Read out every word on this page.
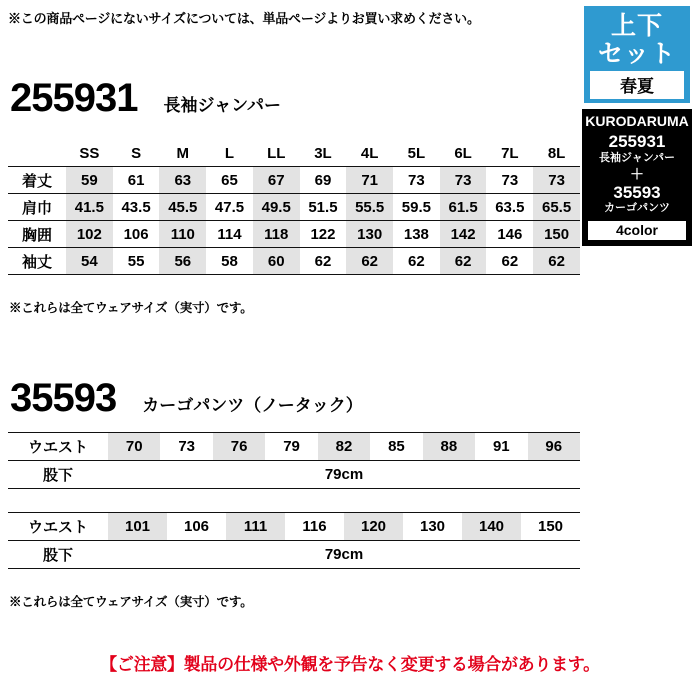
※この商品ページにないサイズについては、単品ページよりお買い求めください。	上下
セット
春夏
KURODARUMA
255931
長袖ジャンパー
＋
35593
カーゴパンツ
4color
255931 長袖ジャンパー
	SS	S	M	L	LL	3L	4L	5L	6L	7L	8L
着丈	59	61	63	65	67	69	71	73	73	73	73
肩巾	41.5	43.5	45.5	47.5	49.5	51.5	55.5	59.5	61.5	63.5	65.5
胸囲	102	106	110	114	118	122	130	138	142	146	150
袖丈	54	55	56	58	60	62	62	62	62	62	62
※これらは全てウェアサイズ（実寸）です。
35593 カーゴパンツ（ノータック）
ウエスト	70	73	76	79	82	85	88	91	96
股下	79cm								
ウエスト	101	106	111	116	120	130	140	150
股下	79cm							
※これらは全てウェアサイズ（実寸）です。
【ご注意】製品の仕様や外観を予告なく変更する場合があります。
